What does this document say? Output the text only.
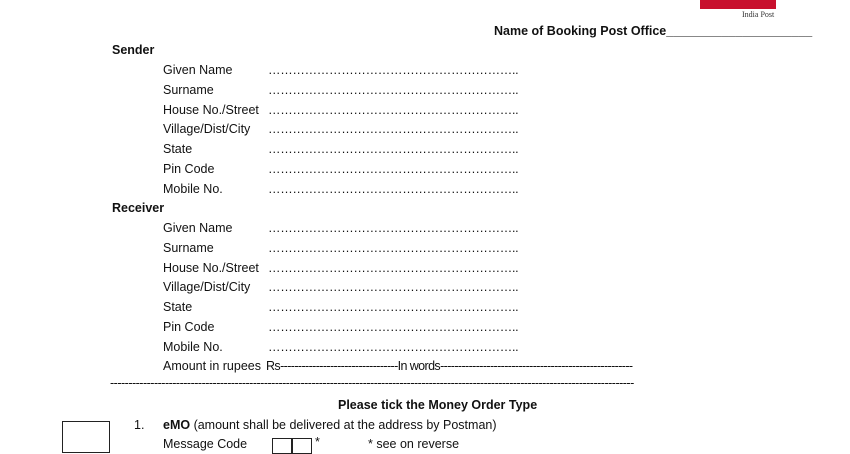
India Post
Name of Booking Post Office_____________________
Sender
Given Name	……………………………………………………..
Surname	……………………………………………………..
House No./Street ……………………………………………………..
Village/Dist/City ……………………………………………………..
State	……………………………………………………..
Pin Code	……………………………………………………..
Mobile No.	……………………………………………………..
Receiver
Given Name	……………………………………………………..
Surname	……………………………………………………..
House No./Street ……………………………………………………..
Village/Dist/City ……………………………………………………..
State	……………………………………………………..
Pin Code	……………………………………………………..
Mobile No.	……………………………………………………..
Amount in rupees Rs---------------------------------In words------------------------------------------------------
-----------------------------------------------------------------------------------------------------------------------------------------------
Please tick the Money Order Type
1. eMO (amount shall be delivered at the address by Postman)
Message Code	*	* see on reverse
